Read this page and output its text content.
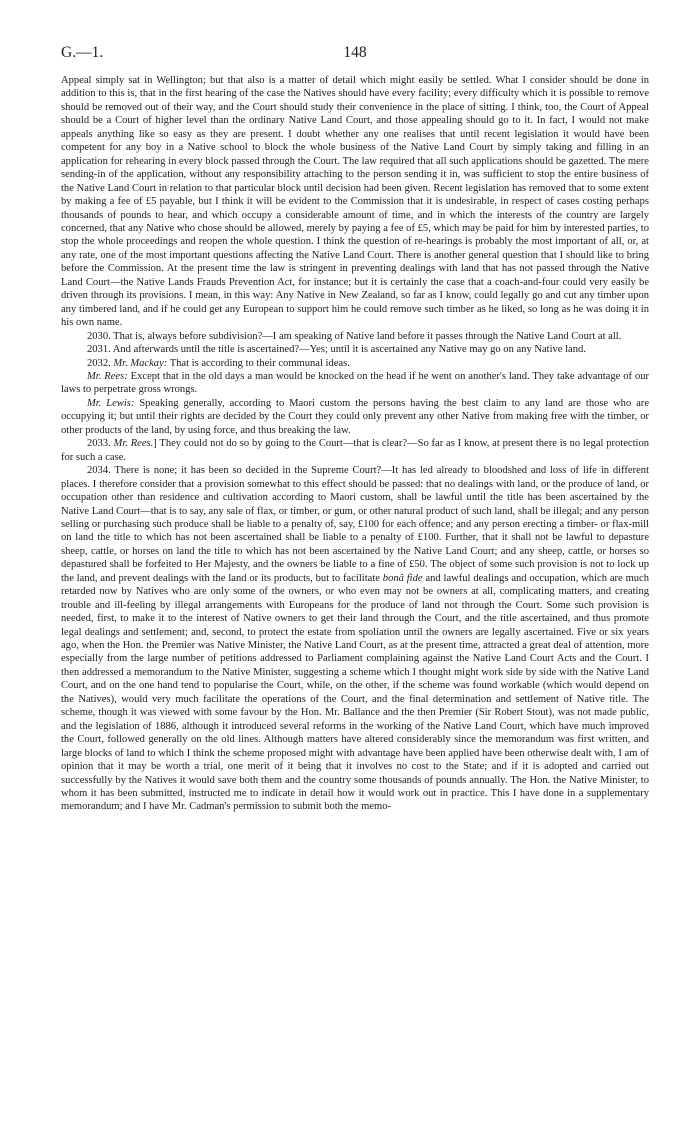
G.—1.	148

Appeal simply sat in Wellington; but that also is a matter of detail which might easily be settled. What I consider should be done in addition to this is, that in the first hearing of the case the Natives should have every facility; every difficulty which it is possible to remove should be removed out of their way, and the Court should study their convenience in the place of sitting. I think, too, the Court of Appeal should be a Court of higher level than the ordinary Native Land Court, and those appealing should go to it. In fact, I would not make appeals anything like so easy as they are present. I doubt whether any one realises that until recent legislation it would have been competent for any boy in a Native school to block the whole business of the Native Land Court by simply taking and filling in an application for rehearing in every block passed through the Court. The law required that all such applications should be gazetted. The mere sending-in of the application, without any responsibility attaching to the person sending it in, was sufficient to stop the entire business of the Native Land Court in relation to that particular block until decision had been given. Recent legislation has removed that to some extent by making a fee of £5 payable, but I think it will be evident to the Commission that it is undesirable, in respect of cases costing perhaps thousands of pounds to hear, and which occupy a considerable amount of time, and in which the interests of the country are largely concerned, that any Native who chose should be allowed, merely by paying a fee of £5, which may be paid for him by interested parties, to stop the whole proceedings and reopen the whole question. I think the question of re-hearings is probably the most important of all, or, at any rate, one of the most important questions affecting the Native Land Court. There is another general question that I should like to bring before the Commission. At the present time the law is stringent in preventing dealings with land that has not passed through the Native Land Court—the Native Lands Frauds Prevention Act, for instance; but it is certainly the case that a coach-and-four could very easily be driven through its provisions. I mean, in this way: Any Native in New Zealand, so far as I know, could legally go and cut any timber upon any timbered land, and if he could get any European to support him he could remove such timber as he liked, so long as he was doing it in his own name.

2030. That is, always before subdivision?—I am speaking of Native land before it passes through the Native Land Court at all.

2031. And afterwards until the title is ascertained?—Yes; until it is ascertained any Native may go on any Native land.

2032. Mr. Mackay: That is according to their communal ideas.

Mr. Rees: Except that in the old days a man would be knocked on the head if he went on another's land. They take advantage of our laws to perpetrate gross wrongs.

Mr. Lewis: Speaking generally, according to Maori custom the persons having the best claim to any land are those who are occupying it; but until their rights are decided by the Court they could only prevent any other Native from making free with the timber, or other products of the land, by using force, and thus breaking the law.

2033. Mr. Rees.] They could not do so by going to the Court—that is clear?—So far as I know, at present there is no legal protection for such a case.

2034. There is none; it has been so decided in the Supreme Court?—It has led already to bloodshed and loss of life in different places. I therefore consider that a provision somewhat to this effect should be passed: that no dealings with land, or the produce of land, or occupation other than residence and cultivation according to Maori custom, shall be lawful until the title has been ascertained by the Native Land Court—that is to say, any sale of flax, or timber, or gum, or other natural product of such land, shall be illegal; and any person selling or purchasing such produce shall be liable to a penalty of, say, £100 for each offence; and any person erecting a timber- or flax-mill on land the title to which has not been ascertained shall be liable to a penalty of £100. Further, that it shall not be lawful to depasture sheep, cattle, or horses on land the title to which has not been ascertained by the Native Land Court; and any sheep, cattle, or horses so depastured shall be forfeited to Her Majesty, and the owners be liable to a fine of £50. The object of some such provision is not to lock up the land, and prevent dealings with the land or its products, but to facilitate bonâ fide and lawful dealings and occupation, which are much retarded now by Natives who are only some of the owners, or who even may not be owners at all, complicating matters, and creating trouble and ill-feeling by illegal arrangements with Europeans for the produce of land not through the Court. Some such provision is needed, first, to make it to the interest of Native owners to get their land through the Court, and the title ascertained, and thus promote legal dealings and settlement; and, second, to protect the estate from spoliation until the owners are legally ascertained. Five or six years ago, when the Hon. the Premier was Native Minister, the Native Land Court, as at the present time, attracted a great deal of attention, more especially from the large number of petitions addressed to Parliament complaining against the Native Land Court Acts and the Court. I then addressed a memorandum to the Native Minister, suggesting a scheme which I thought might work side by side with the Native Land Court, and on the one hand tend to popularise the Court, while, on the other, if the scheme was found workable (which would depend on the Natives), would very much facilitate the operations of the Court, and the final determination and settlement of Native title. The scheme, though it was viewed with some favour by the Hon. Mr. Ballance and the then Premier (Sir Robert Stout), was not made public, and the legislation of 1886, although it introduced several reforms in the working of the Native Land Court, which have much improved the Court, followed generally on the old lines. Although matters have altered considerably since the memorandum was first written, and large blocks of land to which I think the scheme proposed might with advantage have been applied have been otherwise dealt with, I am of opinion that it may be worth a trial, one merit of it being that it involves no cost to the State; and if it is adopted and carried out successfully by the Natives it would save both them and the country some thousands of pounds annually. The Hon. the Native Minister, to whom it has been submitted, instructed me to indicate in detail how it would work out in practice. This I have done in a supplementary memorandum; and I have Mr. Cadman's permission to submit both the memo-
